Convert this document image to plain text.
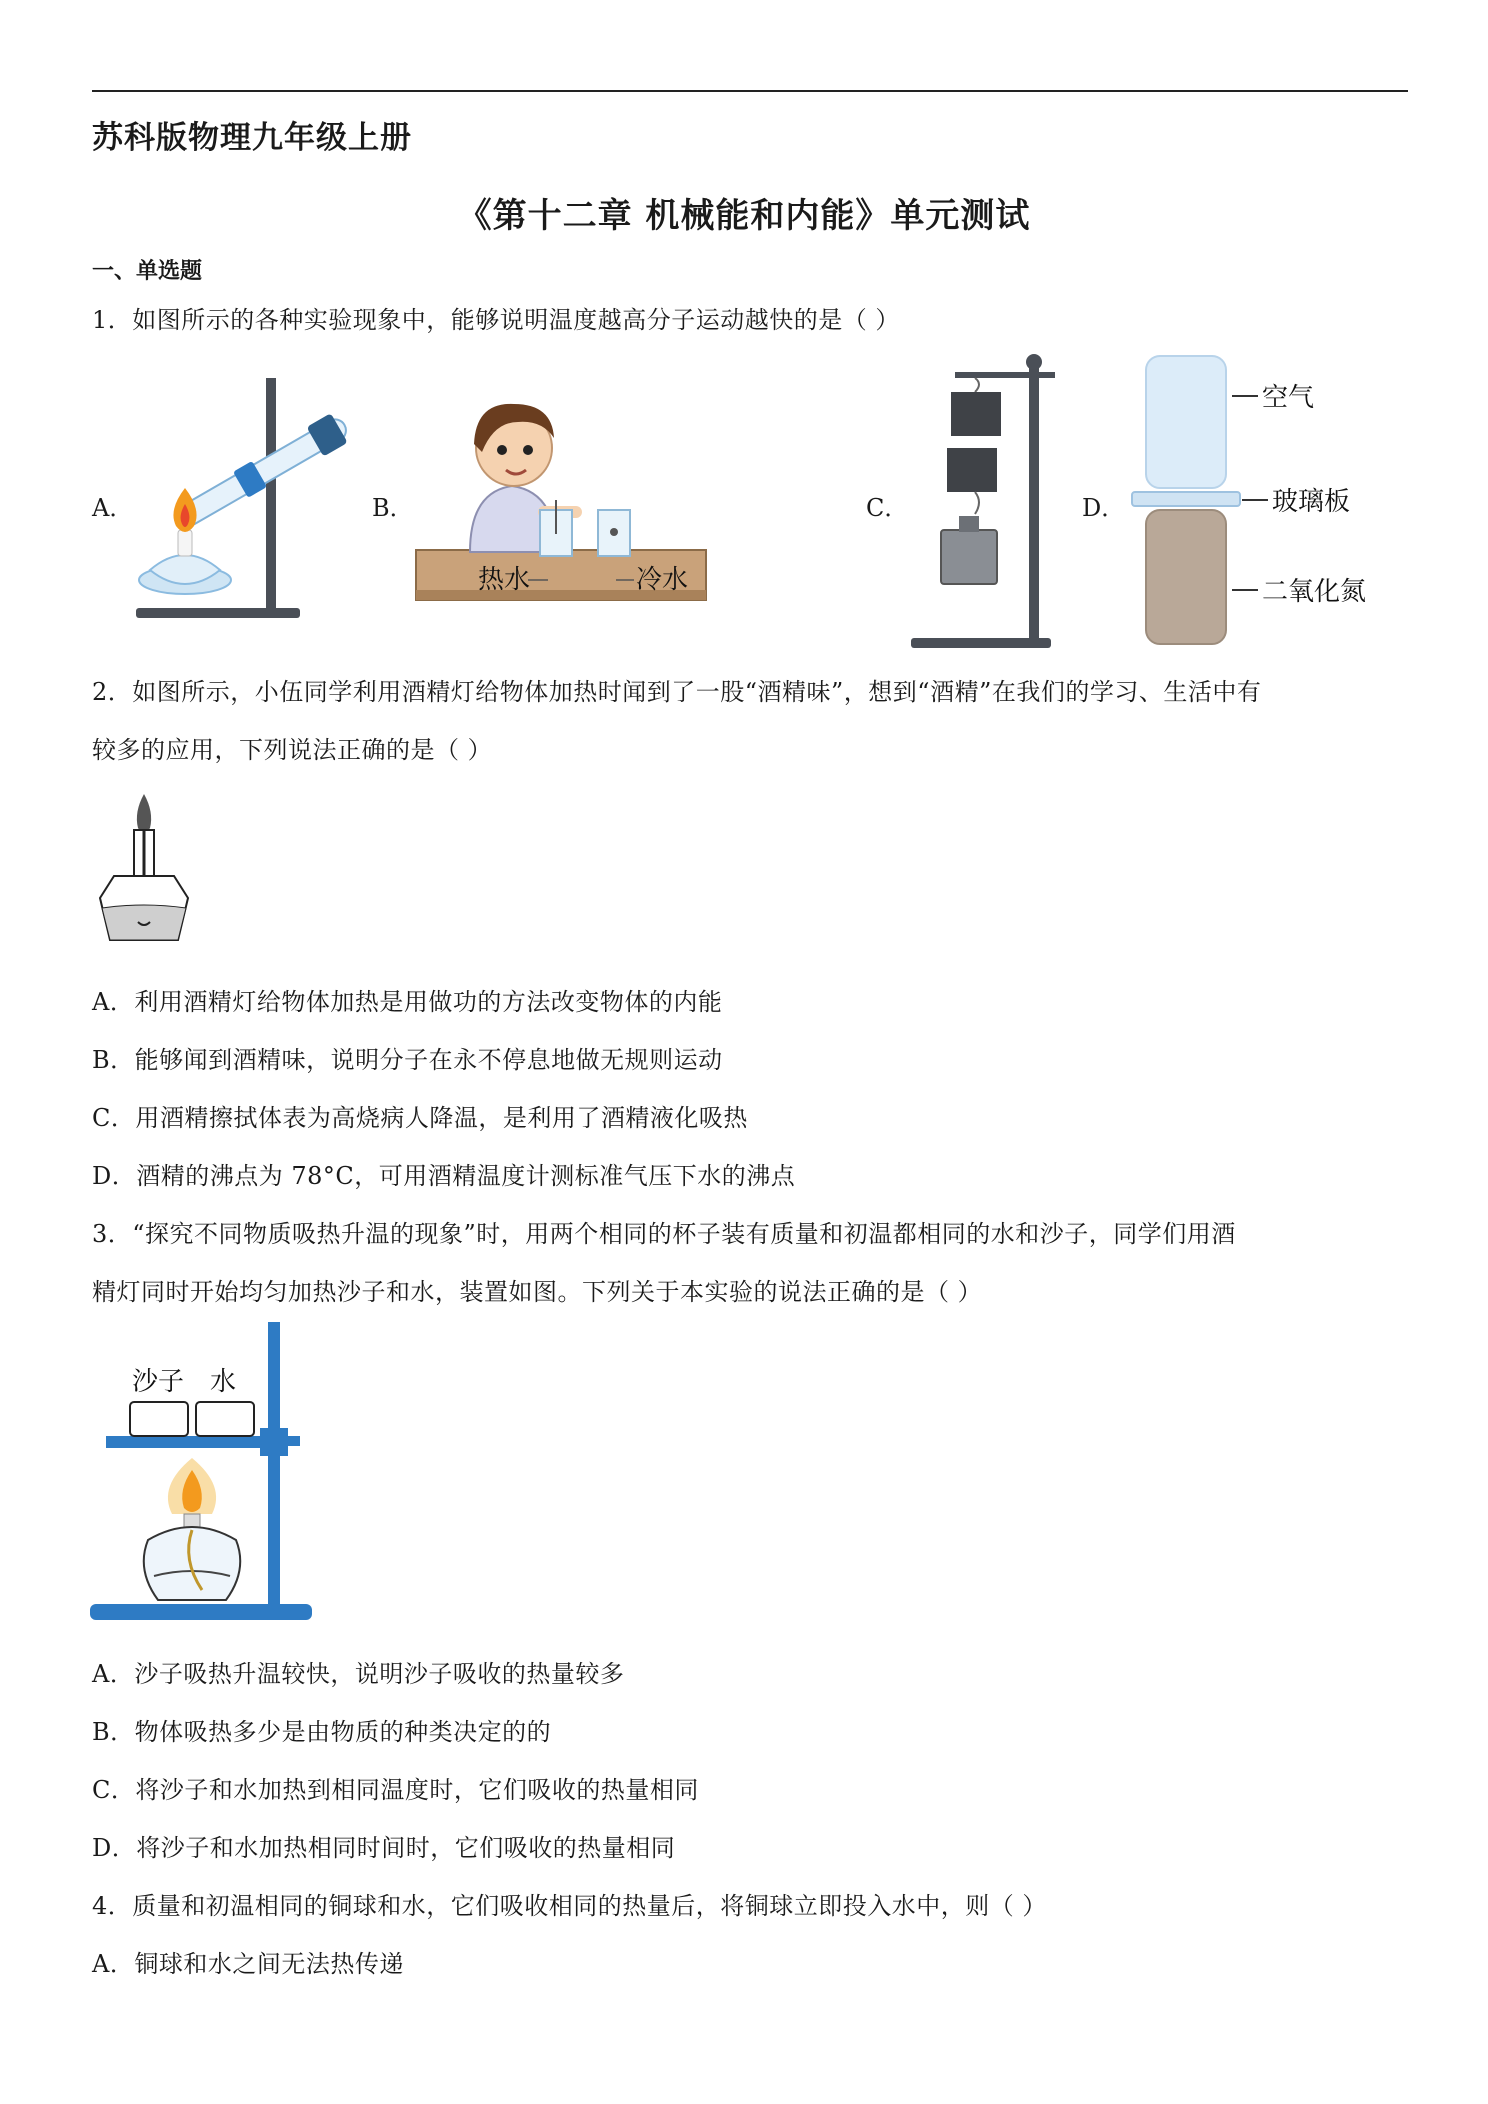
苏科版物理九年级上册
《第十二章 机械能和内能》单元测试
一、单选题
1．如图所示的各种实验现象中，能够说明温度越高分子运动越快的是（ ）
A．	B．	C．	D．
热水	冷水
空气
玻璃板
二氧化氮
2．如图所示，小伍同学利用酒精灯给物体加热时闻到了一股“酒精味”，想到“酒精”在我们的学习、生活中有
较多的应用，下列说法正确的是（ ）
A．利用酒精灯给物体加热是用做功的方法改变物体的内能
B．能够闻到酒精味，说明分子在永不停息地做无规则运动
C．用酒精擦拭体表为高烧病人降温，是利用了酒精液化吸热
D．酒精的沸点为 78°C，可用酒精温度计测标准气压下水的沸点
3．“探究不同物质吸热升温的现象”时，用两个相同的杯子装有质量和初温都相同的水和沙子，同学们用酒
精灯同时开始均匀加热沙子和水，装置如图。下列关于本实验的说法正确的是（ ）
沙子 水
A．沙子吸热升温较快，说明沙子吸收的热量较多
B．物体吸热多少是由物质的种类决定的的
C．将沙子和水加热到相同温度时，它们吸收的热量相同
D．将沙子和水加热相同时间时，它们吸收的热量相同
4．质量和初温相同的铜球和水，它们吸收相同的热量后，将铜球立即投入水中，则（ ）
A．铜球和水之间无法热传递
